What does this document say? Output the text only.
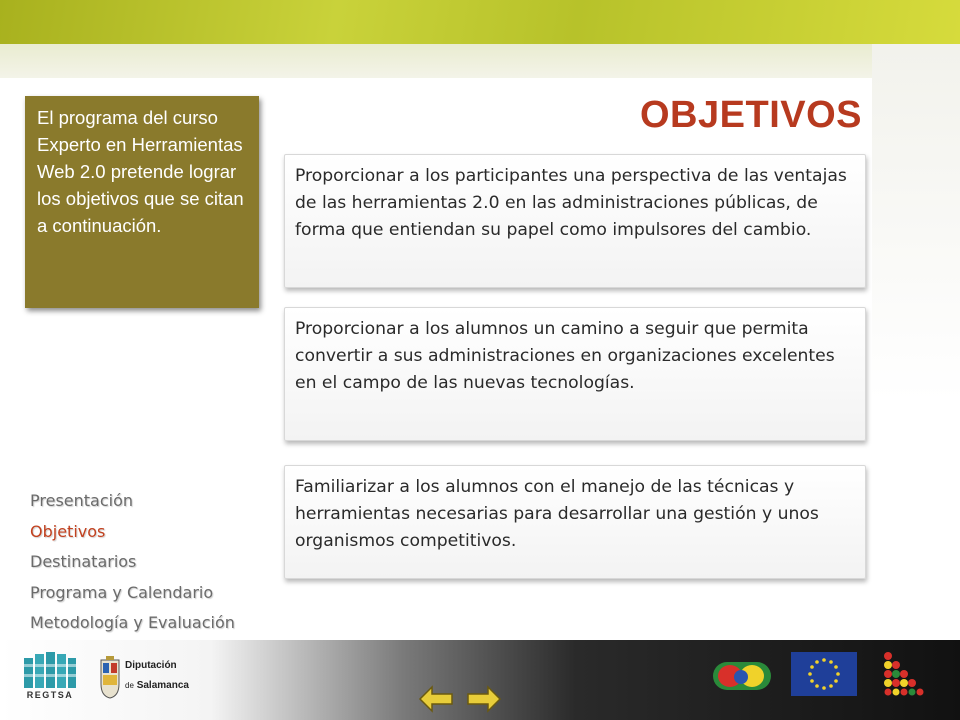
El programa del curso Experto en Herramientas Web 2.0 pretende lograr los objetivos que se citan a continuación.
OBJETIVOS
Proporcionar a los participantes una perspectiva de las ventajas de las herramientas 2.0 en las administraciones públicas, de forma que entiendan su papel como impulsores del cambio.
Proporcionar a los alumnos un camino a seguir que permita convertir a sus administraciones en organizaciones excelentes en el campo de las nuevas tecnologías.
Familiarizar a los alumnos con el manejo de las técnicas y herramientas necesarias para desarrollar una gestión y unos organismos competitivos.
Presentación
Objetivos
Destinatarios
Programa y Calendario
Metodología y Evaluación
REGTSA
Diputación
de Salamanca
